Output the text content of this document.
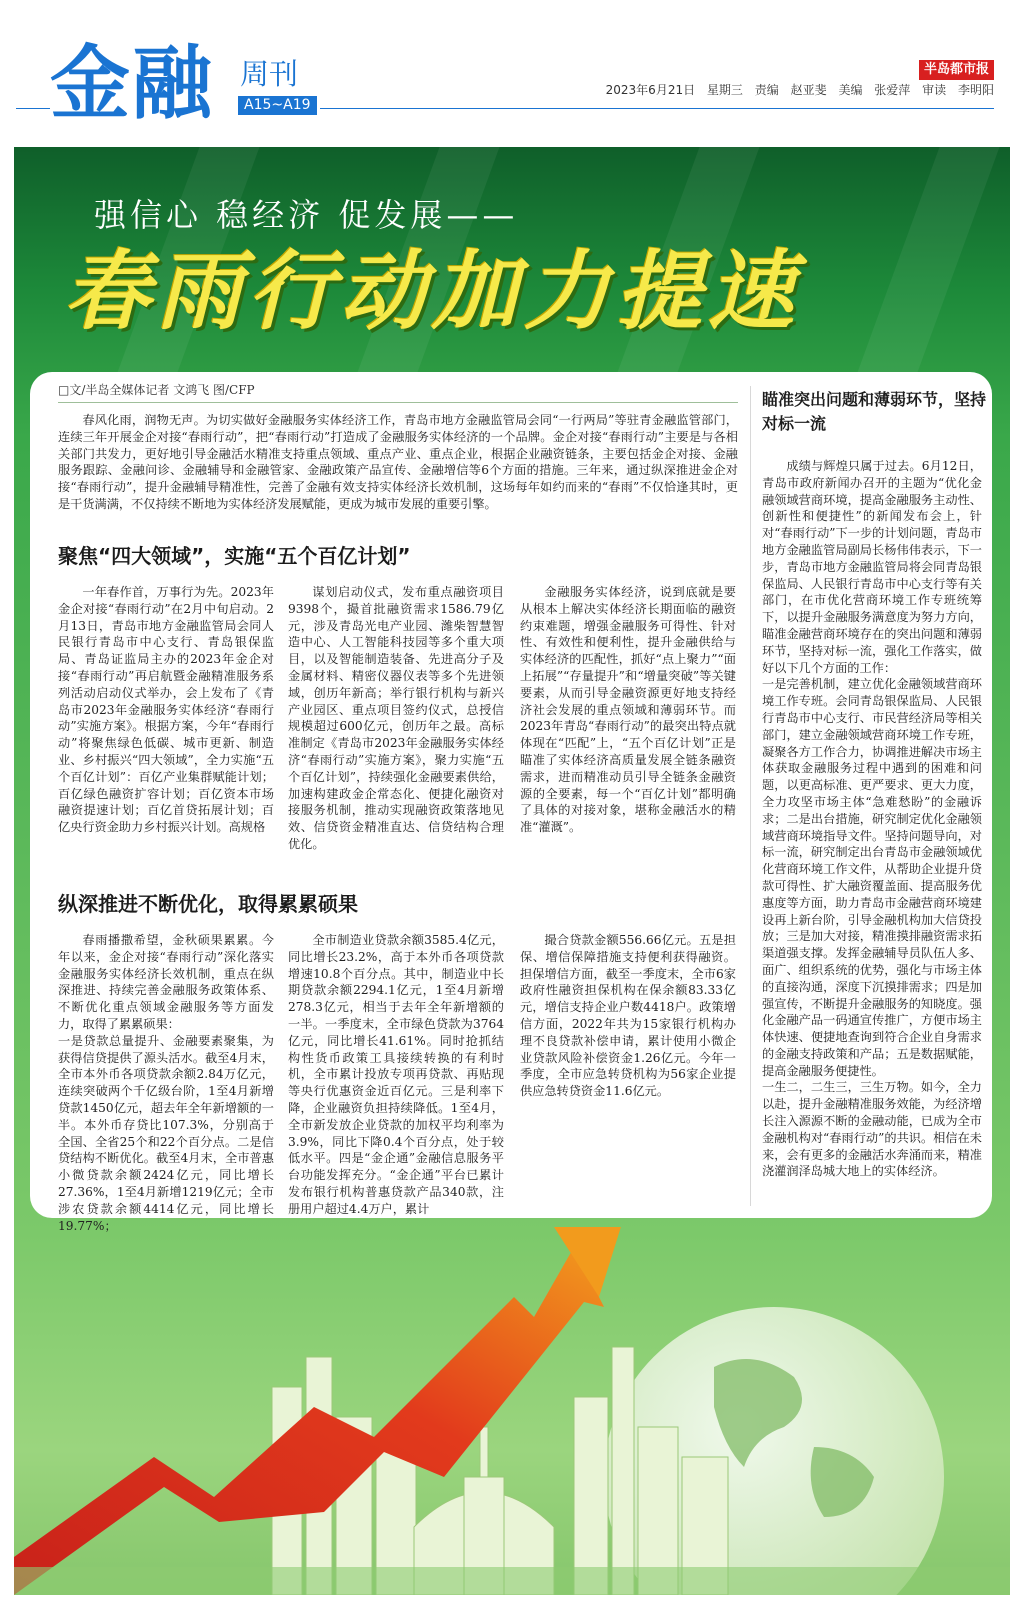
金融 周刊
A15~A19
半岛都市报
2023年6月21日 星期三 责编 赵亚斐 美编 张爱萍 审读 李明阳
强信心 稳经济 促发展——
春雨行动加力提速
□文/半岛全媒体记者 文鸿飞 图/CFP

春风化雨，润物无声。为切实做好金融服务实体经济工作，青岛市地方金融监管局会同“一行两局”等驻青金融监管部门，连续三年开展金企对接“春雨行动”，把“春雨行动”打造成了金融服务实体经济的一个品牌。金企对接“春雨行动”主要是与各相关部门共发力，更好地引导金融活水精准支持重点领域、重点产业、重点企业，根据企业融资链条，主要包括金企对接、金融服务跟踪、金融问诊、金融辅导和金融管家、金融政策产品宣传、金融增信等6个方面的措施。三年来，通过纵深推进金企对接“春雨行动”，提升金融辅导精准性，完善了金融有效支持实体经济长效机制，这场每年如约而来的“春雨”不仅恰逢其时，更是干货满满，不仅持续不断地为实体经济发展赋能，更成为城市发展的重要引擎。

聚焦“四大领域”，实施“五个百亿计划”

一年春作首，万事行为先。2023年金企对接“春雨行动”在2月中旬启动。2月13日，青岛市地方金融监管局会同人民银行青岛市中心支行、青岛银保监局、青岛证监局主办的2023年金企对接“春雨行动”再启航暨金融精准服务系列活动启动仪式举办，会上发布了《青岛市2023年金融服务实体经济“春雨行动”实施方案》。根据方案，今年“春雨行动”将聚焦绿色低碳、城市更新、制造业、乡村振兴“四大领域”，全力实施“五个百亿计划”：百亿产业集群赋能计划；百亿绿色融资扩容计划；百亿资本市场融资提速计划；百亿首贷拓展计划；百亿央行资金助力乡村振兴计划。高规格

谋划启动仪式，发布重点融资项目9398个，撮首批融资需求1586.79亿元，涉及青岛光电产业园、潍柴智慧智造中心、人工智能科技园等多个重大项目，以及智能制造装备、先进高分子及金属材料、精密仪器仪表等多个先进领域，创历年新高；举行银行机构与新兴产业园区、重点项目签约仪式，总授信规模超过600亿元，创历年之最。高标准制定《青岛市2023年金融服务实体经济“春雨行动”实施方案》，聚力实施“五个百亿计划”，持续强化金融要素供给，加速构建政金企常态化、便捷化融资对接服务机制，推动实现融资政策落地见效、信贷资金精准直达、信贷结构合理优化。

金融服务实体经济，说到底就是要从根本上解决实体经济长期面临的融资约束难题，增强金融服务可得性、针对性、有效性和便利性，提升金融供给与实体经济的匹配性，抓好“点上聚力”“面上拓展”“存量提升”和“增量突破”等关键要素，从而引导金融资源更好地支持经济社会发展的重点领域和薄弱环节。而2023年青岛“春雨行动”的最突出特点就体现在“匹配”上，“五个百亿计划”正是瞄准了实体经济高质量发展全链条融资需求，进而精准动员引导全链条金融资源的全要素，每一个“百亿计划”都明确了具体的对接对象，堪称金融活水的精准“灌溉”。

纵深推进不断优化，取得累累硕果

春雨播撒希望，金秋硕果累累。今年以来，金企对接“春雨行动”深化落实金融服务实体经济长效机制，重点在纵深推进、持续完善金融服务政策体系、不断优化重点领域金融服务等方面发力，取得了累累硕果：
一是贷款总量提升、金融要素聚集，为获得信贷提供了源头活水。截至4月末，全市本外币各项贷款余额2.84万亿元，连续突破两个千亿级台阶，1至4月新增贷款1450亿元，超去年全年新增额的一半。本外币存贷比107.3%，分别高于全国、全省25个和22个百分点。二是信贷结构不断优化。截至4月末，全市普惠小微贷款余额2424亿元，同比增长27.36%，1至4月新增1219亿元；全市涉农贷款余额4414亿元，同比增长19.77%；

全市制造业贷款余额3585.4亿元，同比增长23.2%，高于本外币各项贷款增速10.8个百分点。其中，制造业中长期贷款余额2294.1亿元，1至4月新增278.3亿元，相当于去年全年新增额的一半。一季度末，全市绿色贷款为3764亿元，同比增长41.61%。同时抢抓结构性货币政策工具接续转换的有利时机，全市累计投放专项再贷款、再贴现等央行优惠资金近百亿元。三是利率下降，企业融资负担持续降低。1至4月，全市新发放企业贷款的加权平均利率为3.9%，同比下降0.4个百分点，处于较低水平。四是“金企通”金融信息服务平台功能发挥充分。“金企通”平台已累计发布银行机构普惠贷款产品340款，注册用户超过4.4万户，累计

撮合贷款金额556.66亿元。五是担保、增信保障措施支持便利获得融资。担保增信方面，截至一季度末，全市6家政府性融资担保机构在保余额83.33亿元，增信支持企业户数4418户。政策增信方面，2022年共为15家银行机构办理不良贷款补偿申请，累计使用小微企业贷款风险补偿资金1.26亿元。今年一季度，全市应急转贷机构为56家企业提供应急转贷资金11.6亿元。

瞄准突出问题和薄弱环节，坚持对标一流

成绩与辉煌只属于过去。6月12日，青岛市政府新闻办召开的主题为“优化金融领域营商环境，提高金融服务主动性、创新性和便捷性”的新闻发布会上，针对“春雨行动”下一步的计划问题，青岛市地方金融监管局副局长杨伟伟表示，下一步，青岛市地方金融监管局将会同青岛银保监局、人民银行青岛市中心支行等有关部门，在市优化营商环境工作专班统筹下，以提升金融服务满意度为努力方向，瞄准金融营商环境存在的突出问题和薄弱环节，坚持对标一流，强化工作落实，做好以下几个方面的工作：
一是完善机制，建立优化金融领域营商环境工作专班。会同青岛银保监局、人民银行青岛市中心支行、市民营经济局等相关部门，建立金融领域营商环境工作专班，凝聚各方工作合力，协调推进解决市场主体获取金融服务过程中遇到的困难和问题，以更高标准、更严要求、更大力度，全力攻坚市场主体“急难愁盼”的金融诉求；二是出台措施，研究制定优化金融领域营商环境指导文件。坚持问题导向，对标一流，研究制定出台青岛市金融领域优化营商环境工作文件，从帮助企业提升贷款可得性、扩大融资覆盖面、提高服务优惠度等方面，助力青岛市金融营商环境建设再上新台阶，引导金融机构加大信贷投放；三是加大对接，精准摸排融资需求拓渠道强支撑。发挥金融辅导员队伍人多、面广、组织系统的优势，强化与市场主体的直接沟通，深度下沉摸排需求；四是加强宣传，不断提升金融服务的知晓度。强化金融产品一码通宣传推广，方便市场主体快速、便捷地查询到符合企业自身需求的金融支持政策和产品；五是数据赋能，提高金融服务便捷性。
一生二，二生三，三生万物。如今，全力以赴，提升金融精准服务效能，为经济增长注入源源不断的金融动能，已成为全市金融机构对“春雨行动”的共识。相信在未来，会有更多的金融活水奔涌而来，精准浇灌润泽岛城大地上的实体经济。
